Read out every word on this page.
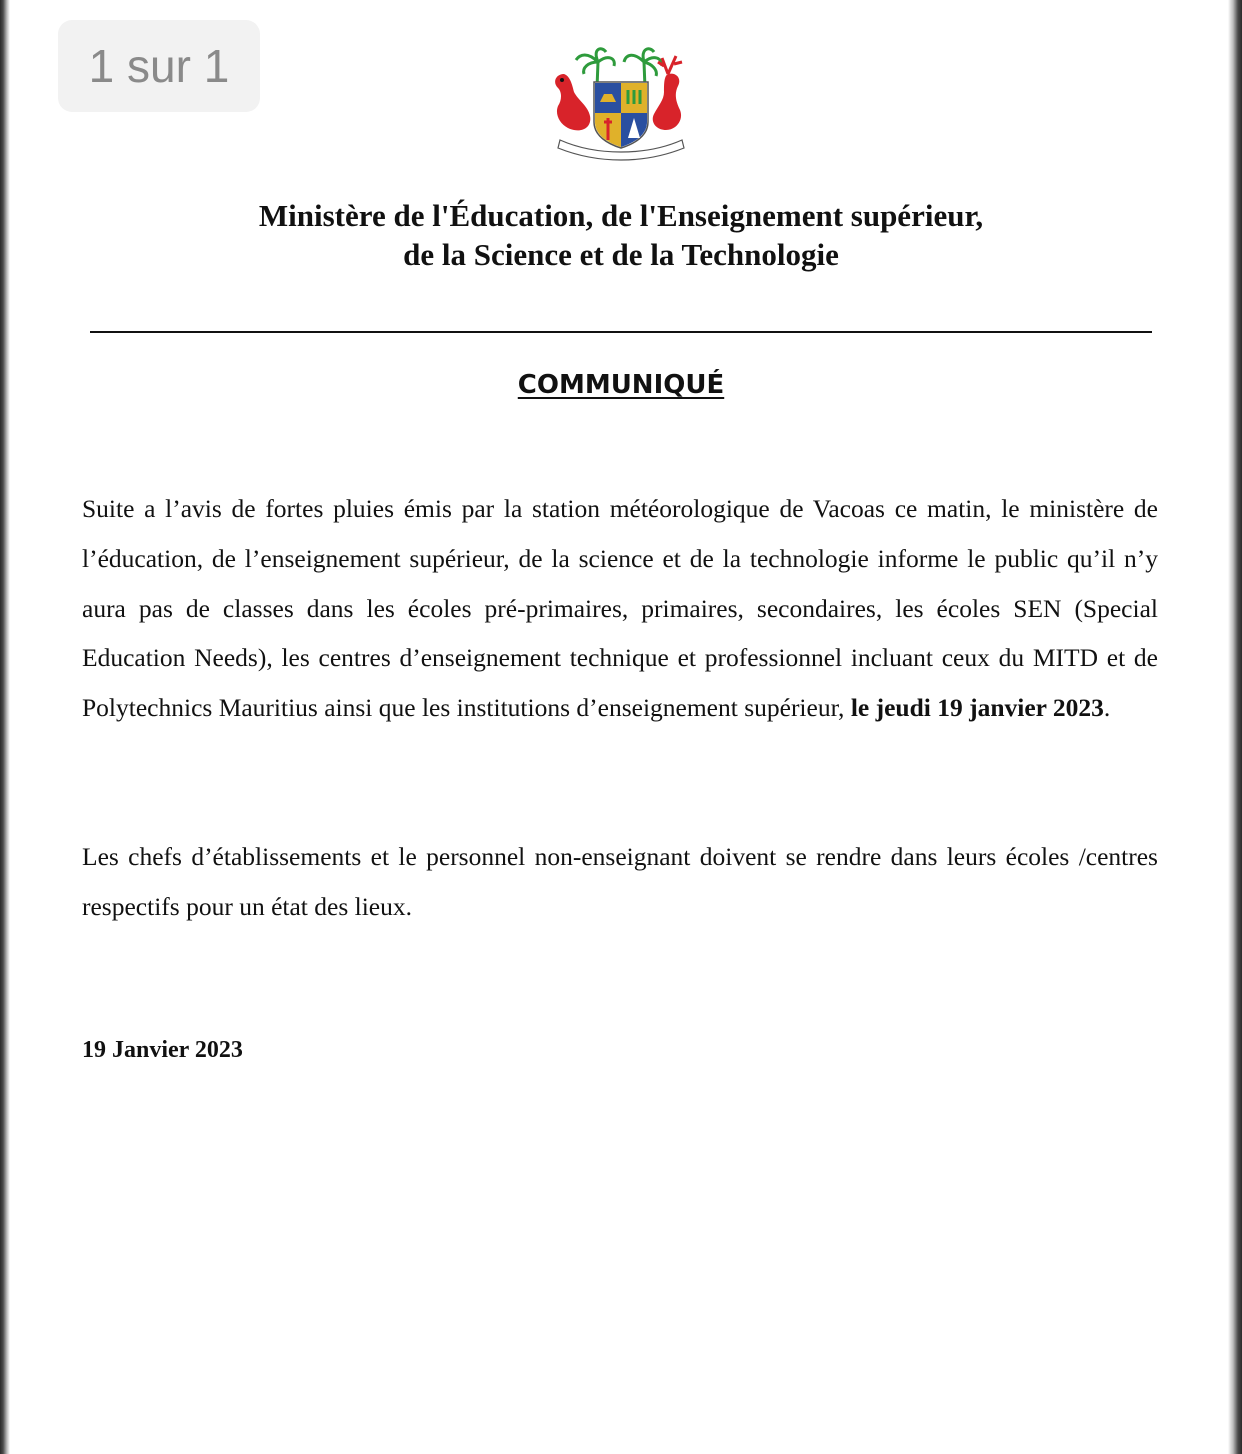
1 sur 1
Ministère de l'Éducation, de l'Enseignement supérieur,
de la Science et de la Technologie
COMMUNIQUÉ

Suite a l’avis de fortes pluies émis par la station météorologique de Vacoas ce matin, le ministère de l’éducation, de l’enseignement supérieur, de la science et de la technologie informe le public qu’il n’y aura pas de classes dans les écoles pré-primaires, primaires, secondaires, les écoles SEN (Special Education Needs), les centres d’enseignement technique et professionnel incluant ceux du MITD et de Polytechnics Mauritius ainsi que les institutions d’enseignement supérieur, le jeudi 19 janvier 2023.

Les chefs d’établissements et le personnel non-enseignant doivent se rendre dans leurs écoles /centres respectifs pour un état des lieux.

19 Janvier 2023
